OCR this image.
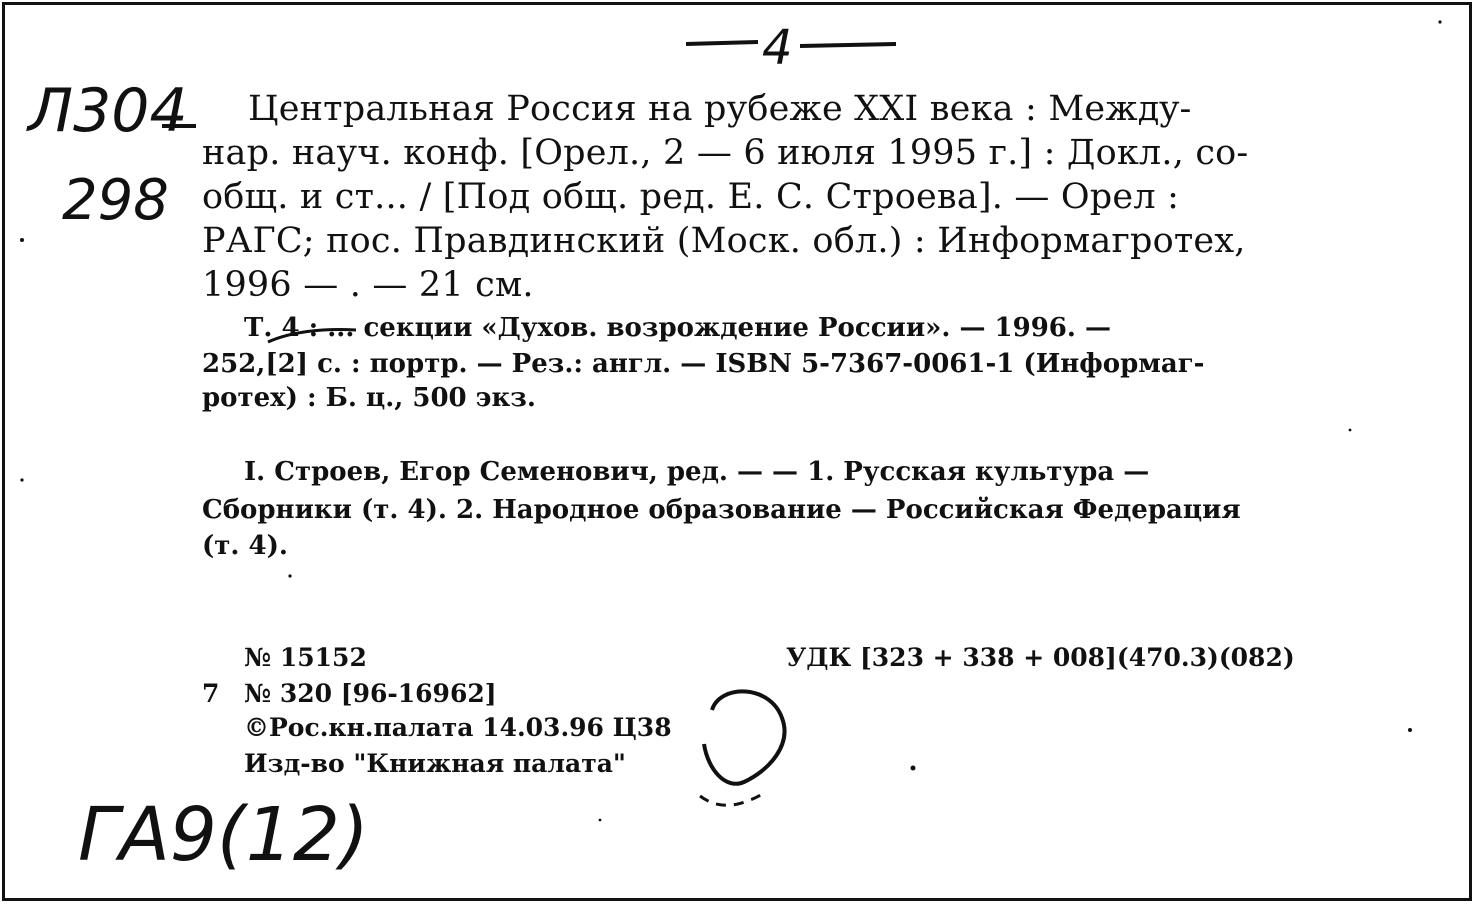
4
Л304
298
Центральная Россия на рубеже XXI века : Междy-
нар. науч. конф. [Орел., 2 — 6 июля 1995 г.] : Докл., со-
общ. и ст... / [Под общ. ред. Е. С. Строева]. — Орел :
РАГС; пос. Правдинский (Моск. обл.) : Информагротех,
1996 — . — 21 см.
Т. 4 : ... секции «Духов. возрождение России». — 1996. —
252,[2] с. : портр. — Рез.: англ. — ISBN 5-7367-0061-1 (Информаг-
ротех) : Б. ц., 500 экз.
I. Строев, Егор Семенович, ред. — — 1. Русская культура —
Сборники (т. 4). 2. Народное образование — Российская Федерация
(т. 4).
№ 15152	УДК [323 + 338 + 008](470.3)(082)
7 № 320 [96-16962]
©Рос.кн.палата 14.03.96 Ц38
Изд-во "Книжная палата"
ГА9(12)
